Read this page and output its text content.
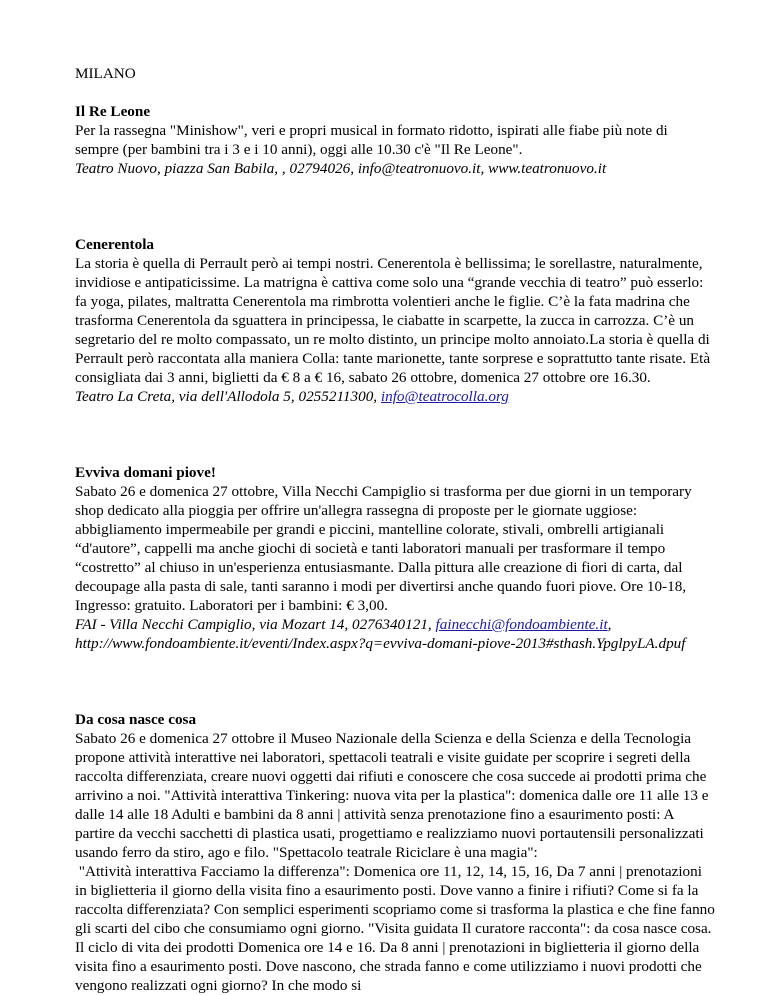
MILANO

Il Re Leone

Per la rassegna "Minishow", veri e propri musical in formato ridotto, ispirati alle fiabe più note di sempre (per bambini tra i 3 e i 10 anni), oggi alle 10.30 c'è "Il Re Leone".

Teatro Nuovo, piazza San Babila, , 02794026, info@teatronuovo.it, www.teatronuovo.it

Cenerentola

La storia è quella di Perrault però ai tempi nostri. Cenerentola è bellissima; le sorellastre, naturalmente, invidiose e antipaticissime. La matrigna è cattiva come solo una “grande vecchia di teatro” può esserlo: fa yoga, pilates, maltratta Cenerentola ma rimbrotta volentieri anche le figlie. C’è la fata madrina che trasforma Cenerentola da sguattera in principessa, le ciabatte in scarpette, la zucca in carrozza. C’è un segretario del re molto compassato, un re molto distinto, un principe molto annoiato.La storia è quella di Perrault però raccontata alla maniera Colla: tante marionette, tante sorprese e soprattutto tante risate. Età consigliata dai 3 anni, biglietti da € 8 a € 16, sabato 26 ottobre, domenica 27 ottobre ore 16.30.

Teatro La Creta, via dell'Allodola 5, 0255211300, info@teatrocolla.org

Evviva domani piove!

Sabato 26 e domenica 27 ottobre, Villa Necchi Campiglio si trasforma per due giorni in un temporary shop dedicato alla pioggia per offrire un'allegra rassegna di proposte per le giornate uggiose: abbigliamento impermeabile per grandi e piccini, mantelline colorate, stivali, ombrelli artigianali “d'autore”, cappelli ma anche giochi di società e tanti laboratori manuali per trasformare il tempo “costretto” al chiuso in un'esperienza entusiasmante. Dalla pittura alle creazione di fiori di carta, dal decoupage alla pasta di sale, tanti saranno i modi per divertirsi anche quando fuori piove. Ore 10-18, Ingresso: gratuito. Laboratori per i bambini: € 3,00.

FAI - Villa Necchi Campiglio, via Mozart 14, 0276340121, fainecchi@fondoambiente.it, http://www.fondoambiente.it/eventi/Index.aspx?q=evviva-domani-piove-2013#sthash.YpglpyLA.dpuf

Da cosa nasce cosa

Sabato 26 e domenica 27 ottobre il Museo Nazionale della Scienza e della Scienza e della Tecnologia propone attività interattive nei laboratori, spettacoli teatrali e visite guidate per scoprire i segreti della raccolta differenziata, creare nuovi oggetti dai rifiuti e conoscere che cosa succede ai prodotti prima che arrivino a noi. "Attività interattiva Tinkering: nuova vita per la plastica": domenica dalle ore 11 alle 13 e dalle 14 alle 18 Adulti e bambini da 8 anni | attività senza prenotazione fino a esaurimento posti: A partire da vecchi sacchetti di plastica usati, progettiamo e realizziamo nuovi portautensili personalizzati usando ferro da stiro, ago e filo. "Spettacolo teatrale Riciclare è una magia":

"Attività interattiva Facciamo la differenza": Domenica ore 11, 12, 14, 15, 16, Da 7 anni | prenotazioni in biglietteria il giorno della visita fino a esaurimento posti. Dove vanno a finire i rifiuti? Come si fa la raccolta differenziata? Con semplici esperimenti scopriamo come si trasforma la plastica e che fine fanno gli scarti del cibo che consumiamo ogni giorno. "Visita guidata Il curatore racconta": da cosa nasce cosa. Il ciclo di vita dei prodotti Domenica ore 14 e 16. Da 8 anni | prenotazioni in biglietteria il giorno della visita fino a esaurimento posti. Dove nascono, che strada fanno e come utilizziamo i nuovi prodotti che vengono realizzati ogni giorno? In che modo si
